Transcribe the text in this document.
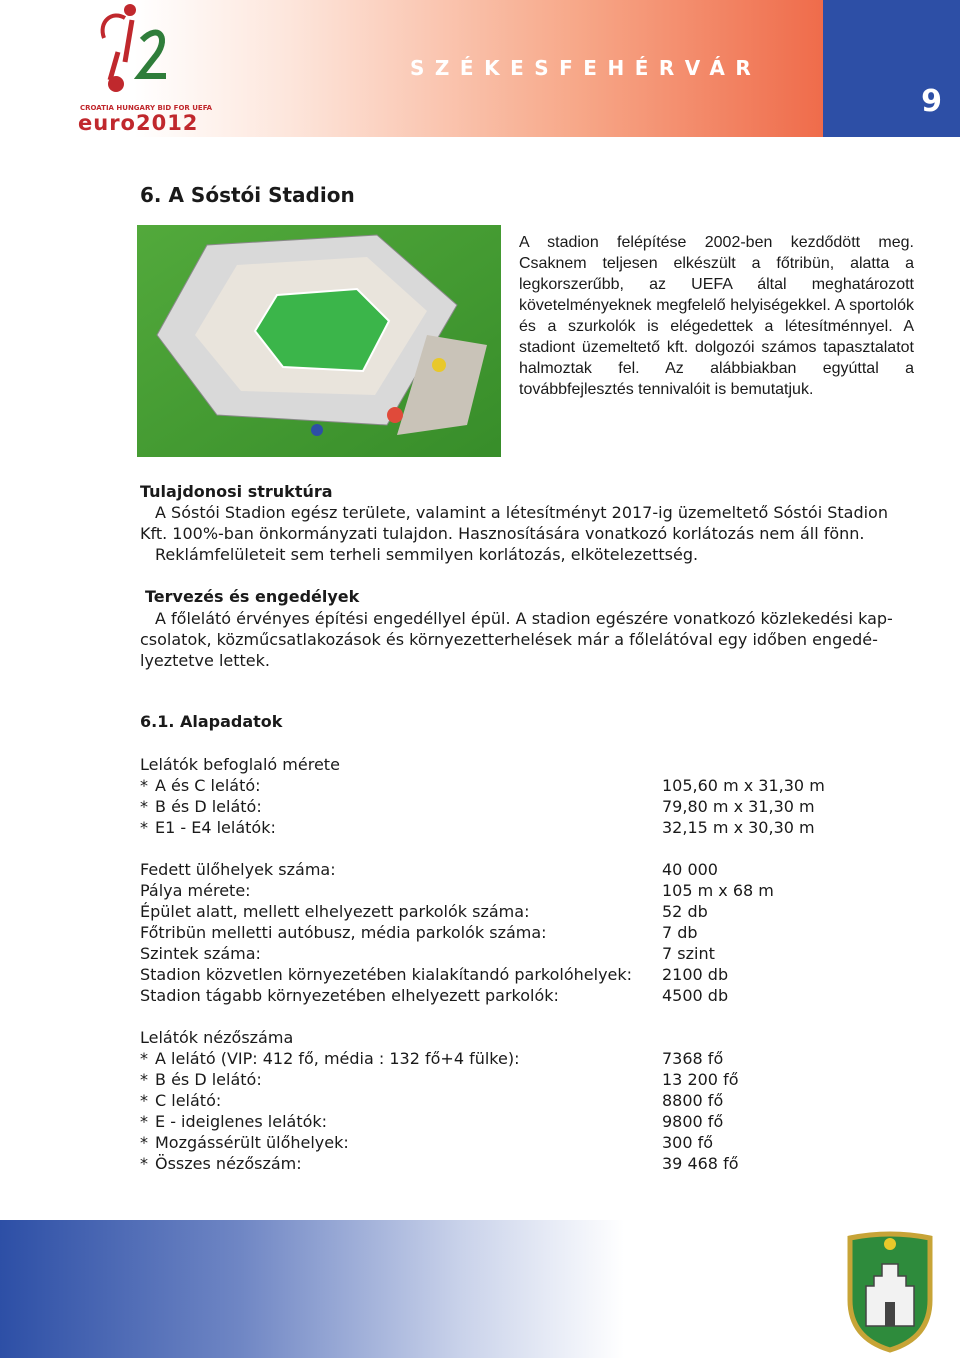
SZÉKESFEHÉRVÁR
9
CROATIA HUNGARY BID FOR UEFA
euro2012
6. A Sóstói Stadion

A stadion felépítése 2002-ben kezdődött meg. Csaknem teljesen elkészült a főtribün, alatta a legkorszerűbb, az UEFA által meghatározott követelményeknek megfelelő helyiségekkel. A sportolók és a szurkolók is elégedettek a létesítménnyel. A stadiont üzemeltető kft. dolgozói számos tapasztalatot halmoztak fel. Az alábbiakban egyúttal a továbbfejlesztés tennivalóit is bemutatjuk.

Tulajdonosi struktúra
A Sóstói Stadion egész területe, valamint a létesítményt 2017-ig üzemeltető Sóstói Stadion
Kft. 100%-ban önkormányzati tulajdon. Hasznosítására vonatkozó korlátozás nem áll fönn.
Reklámfelületeit sem terheli semmilyen korlátozás, elkötelezettség.
Tervezés és engedélyek
A főlelátó érvényes építési engedéllyel épül. A stadion egészére vonatkozó közlekedési kap-
csolatok, közműcsatlakozások és környezetterhelések már a főlelátóval egy időben engedé-
lyeztetve lettek.
6.1. Alapadatok
Lelátók befoglaló mérete
* A és C lelátó:	105,60 m x 31,30 m
* B és D lelátó:	79,80 m x 31,30 m
* E1 - E4 lelátók:	32,15 m x 30,30 m
Fedett ülőhelyek száma:	40 000
Pálya mérete:	105 m x 68 m
Épület alatt, mellett elhelyezett parkolók száma:	52 db
Főtribün melletti autóbusz, média parkolók száma:	7 db
Szintek száma:	7 szint
Stadion közvetlen környezetében kialakítandó parkolóhelyek: 2100 db
Stadion tágabb környezetében elhelyezett parkolók:	4500 db
Lelátók nézőszáma
* A lelátó (VIP: 412 fő, média : 132 fő+4 fülke):	7368 fő
* B és D lelátó:	13 200 fő
* C lelátó:	8800 fő
* E - ideiglenes lelátók:	9800 fő
* Mozgássérült ülőhelyek:	300 fő
* Összes nézőszám:	39 468 fő
